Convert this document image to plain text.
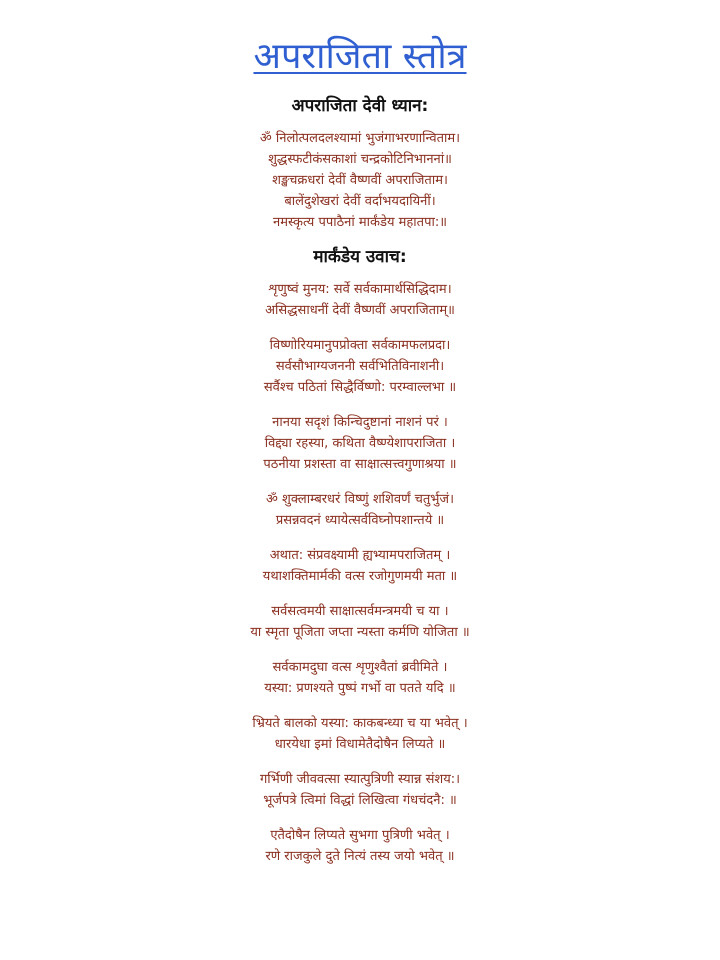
अपराजिता स्तोत्र
अपराजिता देवी ध्यान:
ॐ निलोत्पलदलश्यामां भुजंगाभरणान्विताम।
शुद्धस्फटीकंसकाशां चन्द्रकोटिनिभाननां॥
शङ्खचक्रधरां देवीं वैष्णवीं अपराजिताम।
बालेंदुशेखरां देवीं वर्दाभयदायिनीं।
नमस्कृत्य पपाठैनां मार्कंडेय महातपा:॥
मार्कंडेय उवाच:
शृणुष्वं मुनय: सर्वे सर्वकामार्थसिद्धिदाम।
असिद्धसाधनीं देवीं वैष्णवीं अपराजिताम्॥
विष्णोरियमानुपप्रोक्ता सर्वकामफलप्रदा।
सर्वसौभाग्यजननी सर्वभितिविनाशनी।
सर्वैश्च पठितां सिद्धैर्विष्णो: परम्वाल्लभा ॥
नानया सदृशं किन्चिदुष्टानां नाशनं परं ।
विद्द्या रहस्या, कथिता वैष्ण्येशापराजिता ।
पठनीया प्रशस्ता वा साक्षात्सत्त्वगुणाश्रया ॥
ॐ शुक्लाम्बरधरं विष्णुं शशिवर्णं चतुर्भुजं।
प्रसन्नवदनं ध्यायेत्सर्वविघ्नोपशान्तये ॥
अथात: संप्रवक्ष्यामी ह्यभ्यामपराजितम् ।
यथाशक्तिमार्मकी वत्स रजोगुणमयी मता ॥
सर्वसत्वमयी साक्षात्सर्वमन्त्रमयी च या ।
या स्मृता पूजिता जप्ता न्यस्ता कर्मणि योजिता ॥
सर्वकामदुघा वत्स शृणुश्वैतां ब्रवीमिते ।
यस्या: प्रणश्यते पुष्पं गर्भो वा पतते यदि ॥
भ्रियते बालको यस्या: काकबन्ध्या च या भवेत् ।
धारयेधा इमां विधामेतैदोषैन लिप्यते ॥
गर्भिणी जीववत्सा स्यात्पुत्रिणी स्यान्न संशय:।
भूर्जपत्रे त्विमां विद्धां लिखित्वा गंधचंदनै: ॥
एतैदोषैन लिप्यते सुभगा पुत्रिणी भवेत् ।
रणे राजकुले दुते नित्यं तस्य जयो भवेत् ॥
